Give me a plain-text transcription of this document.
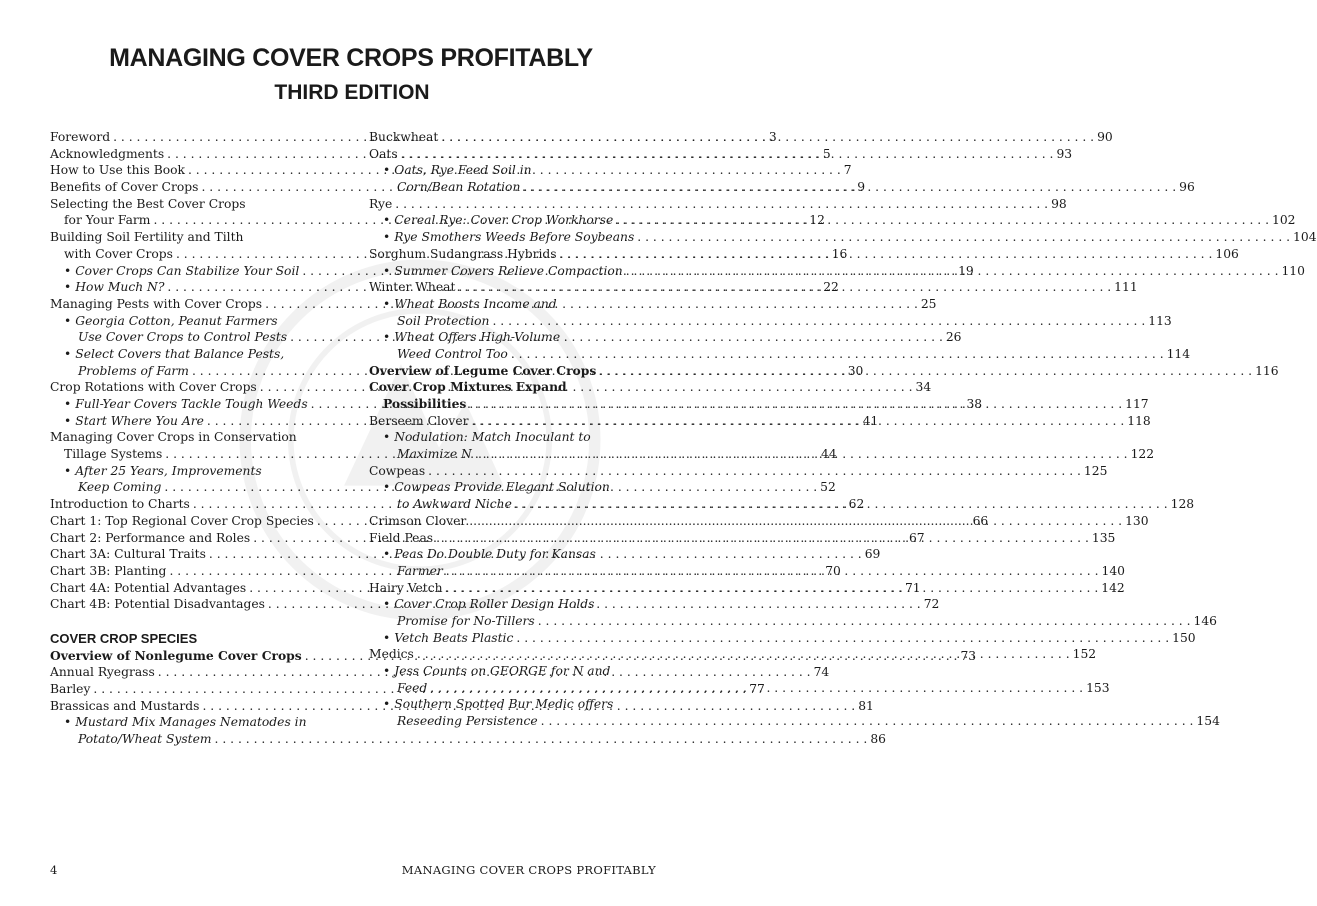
MANAGING COVER CROPS PROFITABLY
THIRD EDITION
Foreword . . .	3
Acknowledgments . . .	5
How to Use this Book . . .	7
Benefits of Cover Crops . . .	9
Selecting the Best Cover Crops
for Your Farm . . .	12
Building Soil Fertility and Tilth
with Cover Crops . . .	16
• Cover Crops Can Stabilize Your Soil . . .	19
• How Much N? . . .	22
Managing Pests with Cover Crops . . .	25
• Georgia Cotton, Peanut Farmers
Use Cover Crops to Control Pests . . .	26
• Select Covers that Balance Pests,
Problems of Farm . . .	30
Crop Rotations with Cover Crops . . .	34
• Full-Year Covers Tackle Tough Weeds . . .	38
• Start Where You Are . . .	41
Managing Cover Crops in Conservation
Tillage Systems . . .	44
• After 25 Years, Improvements
Keep Coming . . .	52
Introduction to Charts . . .	62
Chart 1: Top Regional Cover Crop Species . . .	66
Chart 2: Performance and Roles . . .	67
Chart 3A: Cultural Traits . . .	69
Chart 3B: Planting . . .	70
Chart 4A: Potential Advantages . . .	71
Chart 4B: Potential Disadvantages . . .	72
COVER CROP SPECIES
Overview of Nonlegume Cover Crops . . .	73
Annual Ryegrass . . .	74
Barley . . .	77
Brassicas and Mustards . . .	81
• Mustard Mix Manages Nematodes in
Potato/Wheat System . . .	86
Buckwheat . . .	90
Oats . . .	93
• Oats, Rye Feed Soil in
Corn/Bean Rotation . . .	96
Rye . . .	98
• Cereal Rye: Cover Crop Workhorse . . .	102
• Rye Smothers Weeds Before Soybeans . . .	104
Sorghum Sudangrass Hybrids . . .	106
• Summer Covers Relieve Compaction . . .	110
Winter Wheat . . .	111
• Wheat Boosts Income and
Soil Protection . . .	113
• Wheat Offers High-Volume
Weed Control Too . . .	114
Overview of Legume Cover Crops . . .	116
Cover Crop Mixtures Expand
Possibilities . . .	117
Berseem Clover . . .	118
• Nodulation: Match Inoculant to
Maximize N . . .	122
Cowpeas . . .	125
• Cowpeas Provide Elegant Solution
to Awkward Niche . . .	128
Crimson Clover . . .	130
Field Peas . . .	135
• Peas Do Double Duty for Kansas
Farmer . . .	140
Hairy Vetch . . .	142
• Cover Crop Roller Design Holds
Promise for No-Tillers . . .	146
• Vetch Beats Plastic . . .	150
Medics . . .	152
• Jess Counts on GEORGE for N and
Feed . . .	153
• Southern Spotted Bur Medic offers
Reseeding Persistence . . .	154
4	MANAGING COVER CROPS PROFITABLY
